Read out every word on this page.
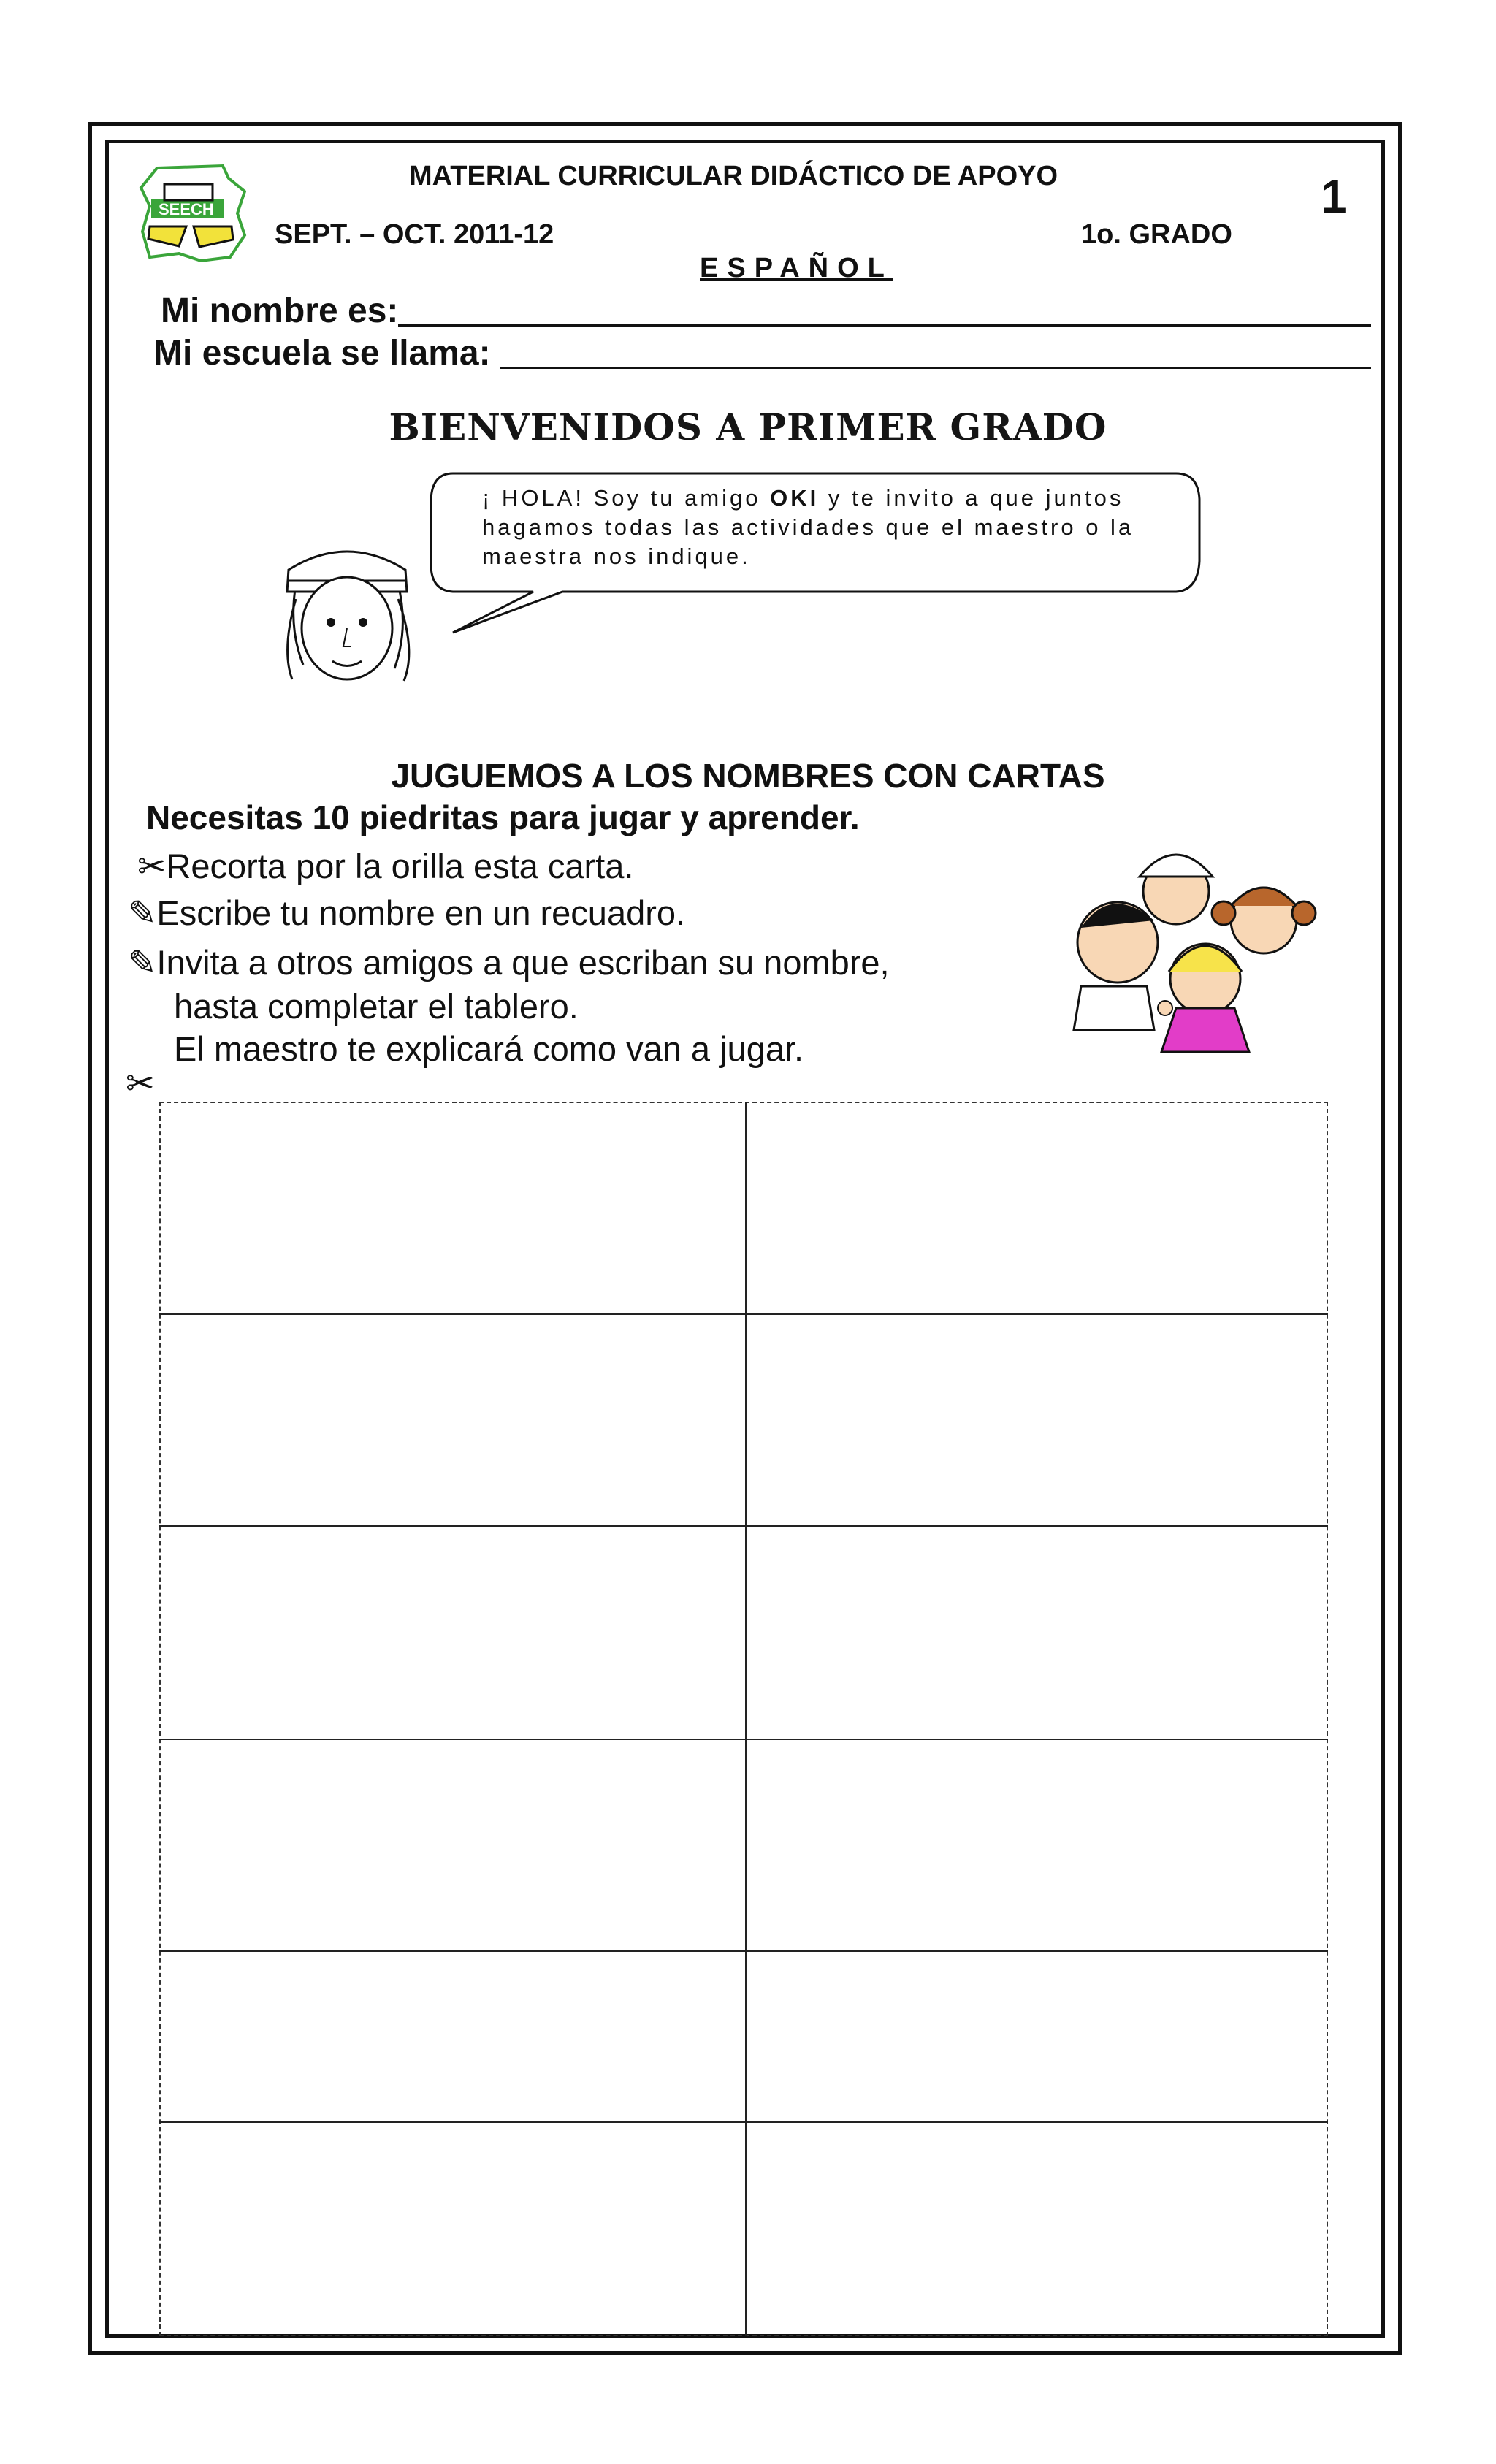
SEECH
MATERIAL CURRICULAR DIDÁCTICO DE APOYO	1
SEPT. – OCT. 2011-12	1o. GRADO
ESPAÑOL
Mi nombre es:
Mi escuela se llama:
BIENVENIDOS A PRIMER GRADO
¡ HOLA! Soy tu amigo OKI y te invito a que juntos hagamos todas las actividades que el maestro o la maestra nos indique.
JUGUEMOS A LOS NOMBRES CON CARTAS
Necesitas 10 piedritas para jugar y aprender.
✂Recorta por la orilla esta carta.
✎Escribe tu nombre en un recuadro.
✎Invita a otros amigos a que escriban su nombre,
hasta completar el tablero.
El maestro te explicará como van a jugar.
✂
